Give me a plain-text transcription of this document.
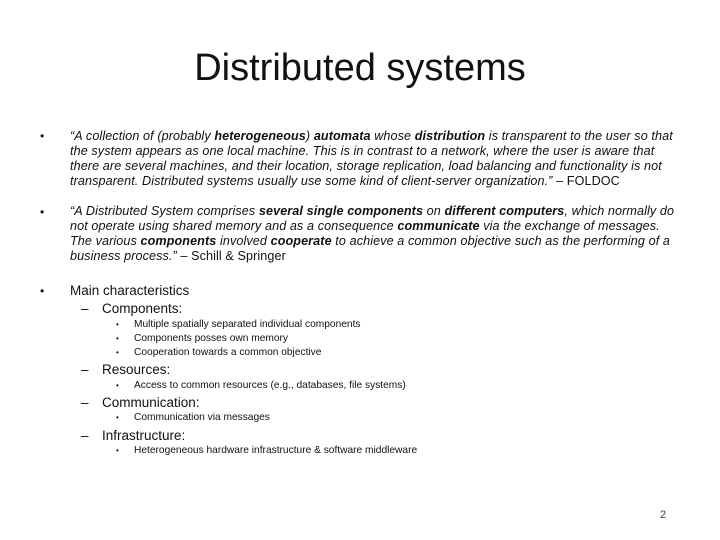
Distributed systems
• “A collection of (probably heterogeneous) automata whose distribution is transparent to the user so that the system appears as one local machine. This is in contrast to a network, where the user is aware that there are several machines, and their location, storage replication, load balancing and functionality is not transparent. Distributed systems usually use some kind of client-server organization.” – FOLDOC
• “A Distributed System comprises several single components on different computers, which normally do not operate using shared memory and as a consequence communicate via the exchange of messages. The various components involved cooperate to achieve a common objective such as the performing of a business process.” – Schill & Springer
• Main characteristics
– Components:
• Multiple spatially separated individual components
• Components posses own memory
• Cooperation towards a common objective
– Resources:
• Access to common resources (e.g., databases, file systems)
– Communication:
• Communication via messages
– Infrastructure:
• Heterogeneous hardware infrastructure & software middleware
2
